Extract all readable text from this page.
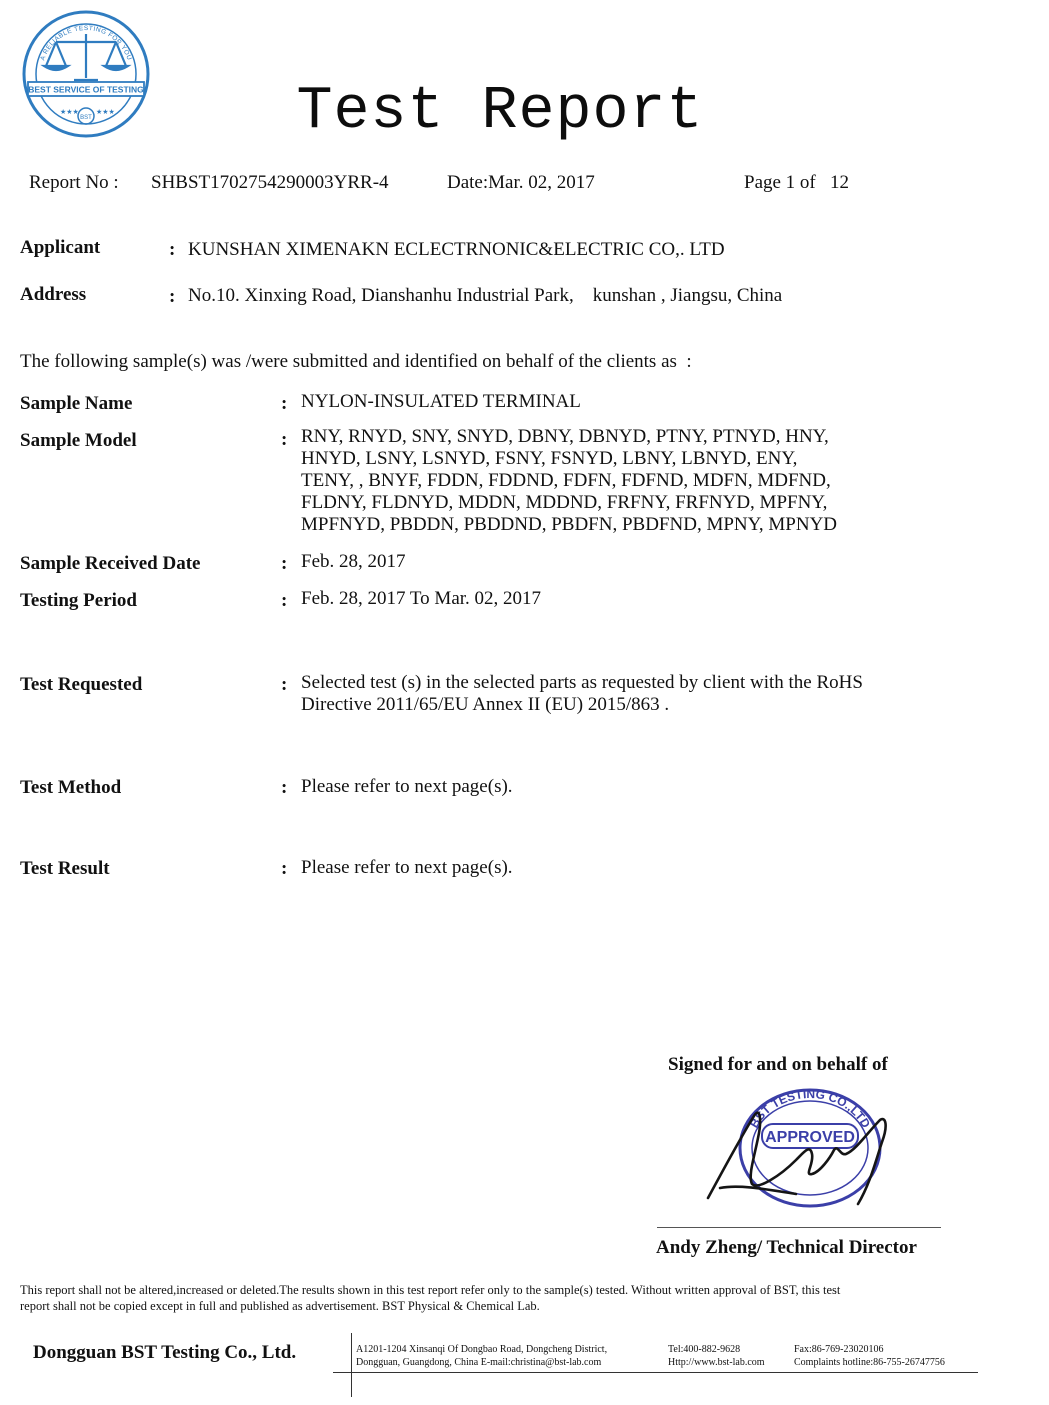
A RELIABLE TESTING FOR YOU
BEST SERVICE OF TESTING
BST
★★★ ★★★	Test Report
Report No : SHBST1702754290003YRR-4	Date:Mar. 02, 2017	Page 1 of   12
Applicant	: KUNSHAN XIMENAKN ECLECTRNONIC&ELECTRIC CO,. LTD
Address	: No.10. Xinxing Road, Dianshanhu Industrial Park,    kunshan , Jiangsu, China
The following sample(s) was /were submitted and identified on behalf of the clients as  :
Sample Name	: NYLON-INSULATED TERMINAL
Sample Model	: RNY, RNYD, SNY, SNYD, DBNY, DBNYD, PTNY, PTNYD, HNY,
HNYD, LSNY, LSNYD, FSNY, FSNYD, LBNY, LBNYD, ENY,
TENY, , BNYF, FDDN, FDDND, FDFN, FDFND, MDFN, MDFND,
FLDNY, FLDNYD, MDDN, MDDND, FRFNY, FRFNYD, MPFNY,
MPFNYD, PBDDN, PBDDND, PBDFN, PBDFND, MPNY, MPNYD
Sample Received Date	: Feb. 28, 2017
Testing Period	: Feb. 28, 2017 To Mar. 02, 2017
Test Requested	: Selected test (s) in the selected parts as requested by client with the RoHS
Directive 2011/65/EU Annex II (EU) 2015/863 .
Test Method	: Please refer to next page(s).
Test Result	: Please refer to next page(s).
Signed for and on behalf of
BST TESTING CO.,LTD
APPROVED
Andy Zheng/ Technical Director
This report shall not be altered,increased or deleted.The results shown in this test report refer only to the sample(s) tested. Without written approval of BST, this test
report shall not be copied except in full and published as advertisement. BST Physical & Chemical Lab.
Dongguan BST Testing Co., Ltd.	A1201-1204 Xinsanqi Of Dongbao Road, Dongcheng District,
Dongguan, Guangdong, China E-mail:christina@bst-lab.com
Tel:400-882-9628
Http://www.bst-lab.com
Fax:86-769-23020106
Complaints hotline:86-755-26747756
